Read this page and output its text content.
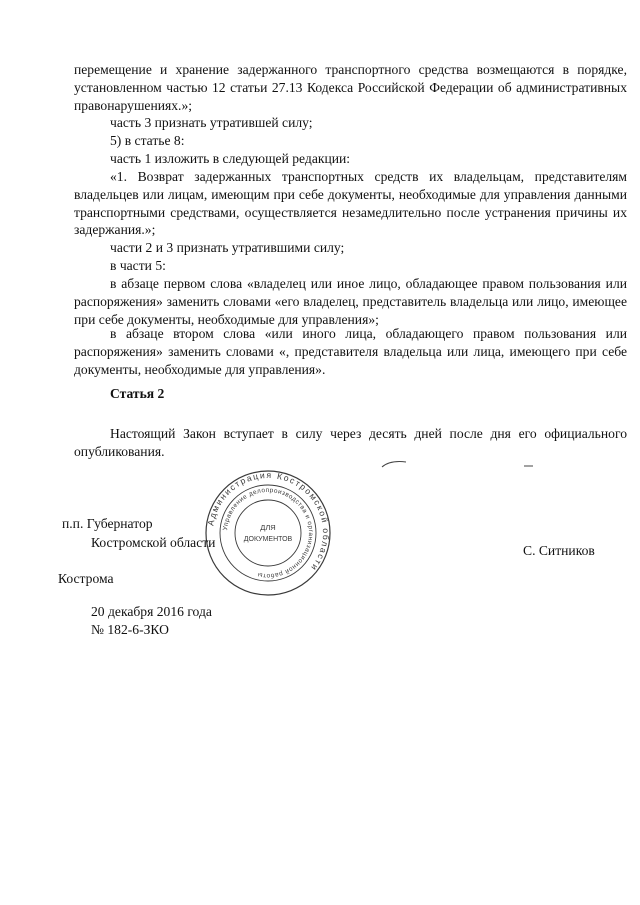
перемещение и хранение задержанного транспортного средства возмещаются в порядке, установленном частью 12 статьи 27.13 Кодекса Российской Федерации об административных правонарушениях.»;

часть 3 признать утратившей силу;

5) в статье 8:

часть 1 изложить в следующей редакции:

«1. Возврат задержанных транспортных средств их владельцам, представителям владельцев или лицам, имеющим при себе документы, необходимые для управления данными транспортными средствами, осуществляется незамедлительно после устранения причины их задержания.»;

части 2 и 3 признать утратившими силу;

в части 5:

в абзаце первом слова «владелец или иное лицо, обладающее правом пользования или распоряжения» заменить словами «его владелец, представитель владельца или лицо, имеющее при себе документы, необходимые для управления»;

в абзаце втором слова «или иного лица, обладающего правом пользования или распоряжения» заменить словами «, представителя владельца или лица, имеющего при себе документы, необходимые для управления».

Статья 2

Настоящий Закон вступает в силу через десять дней после дня его официального опубликования.

Администрация Костромской области
Управление делопроизводства и организационной работы
ДЛЯ
ДОКУМЕНТОВ

п.п. Губернатор

Костромской области

С. Ситников

Кострома

20 декабря 2016 года

№ 182-6-ЗКО
